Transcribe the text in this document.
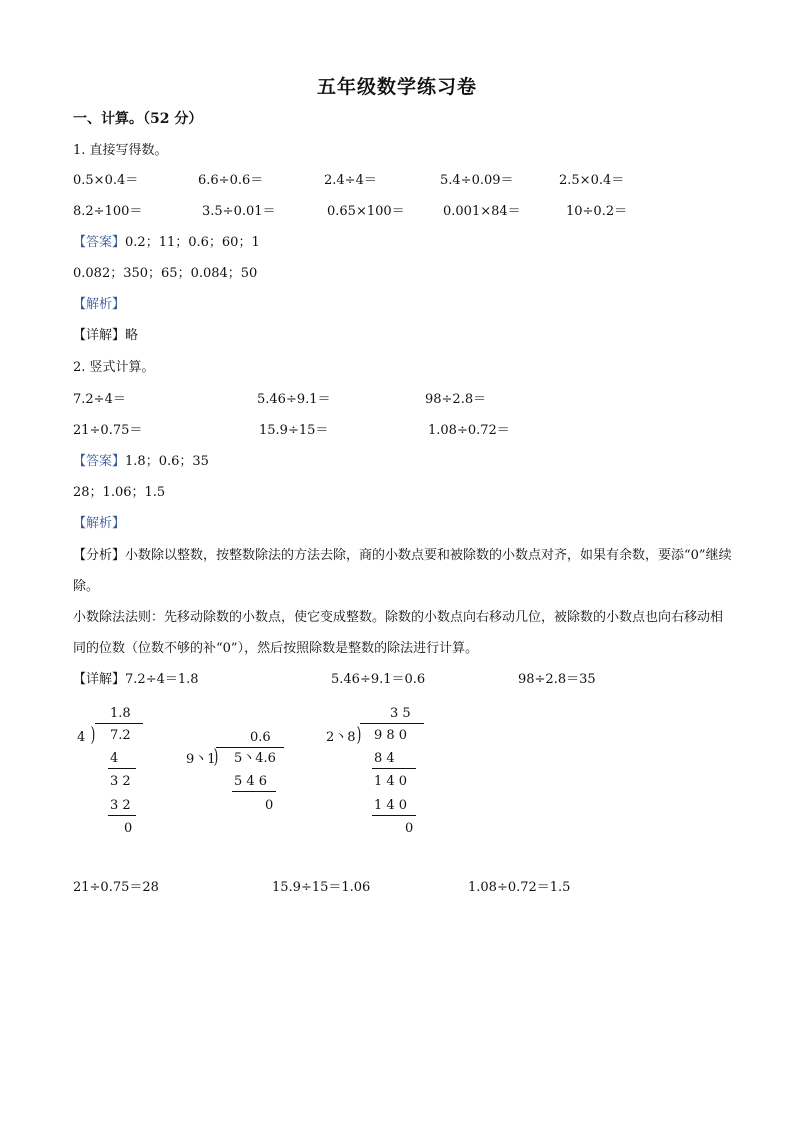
五年级数学练习卷
一、计算。（52 分）
1. 直接写得数。
0.5×0.4＝	6.6÷0.6＝	2.4÷4＝	5.4÷0.09＝	2.5×0.4＝
8.2÷100＝	3.5÷0.01＝	0.65×100＝	0.001×84＝	10÷0.2＝
【答案】0.2；11；0.6；60；1
0.082；350；65；0.084；50
【解析】
【详解】略
2. 竖式计算。
7.2÷4＝	5.46÷9.1＝	98÷2.8＝
21÷0.75＝	15.9÷15＝	1.08÷0.72＝
【答案】1.8；0.6；35
28；1.06；1.5
【解析】
【分析】小数除以整数，按整数除法的方法去除，商的小数点要和被除数的小数点对齐，如果有余数，要添“0”继续除。
小数除法法则：先移动除数的小数点，使它变成整数。除数的小数点向右移动几位，被除数的小数点也向右移动相同的位数（位数不够的补“0”），然后按照除数是整数的除法进行计算。
【详解】7.2÷4＝1.8	5.46÷9.1＝0.6	98÷2.8＝35
1.8
4 ) 7.2
4
3 2
3 2
0
0.6
9丶1
) 5丶4.6
5 4 6
0
3 5
2丶8 ) 9 8 0
8 4
1 4 0
1 4 0
0
21÷0.75＝28	15.9÷15＝1.06	1.08÷0.72＝1.5
